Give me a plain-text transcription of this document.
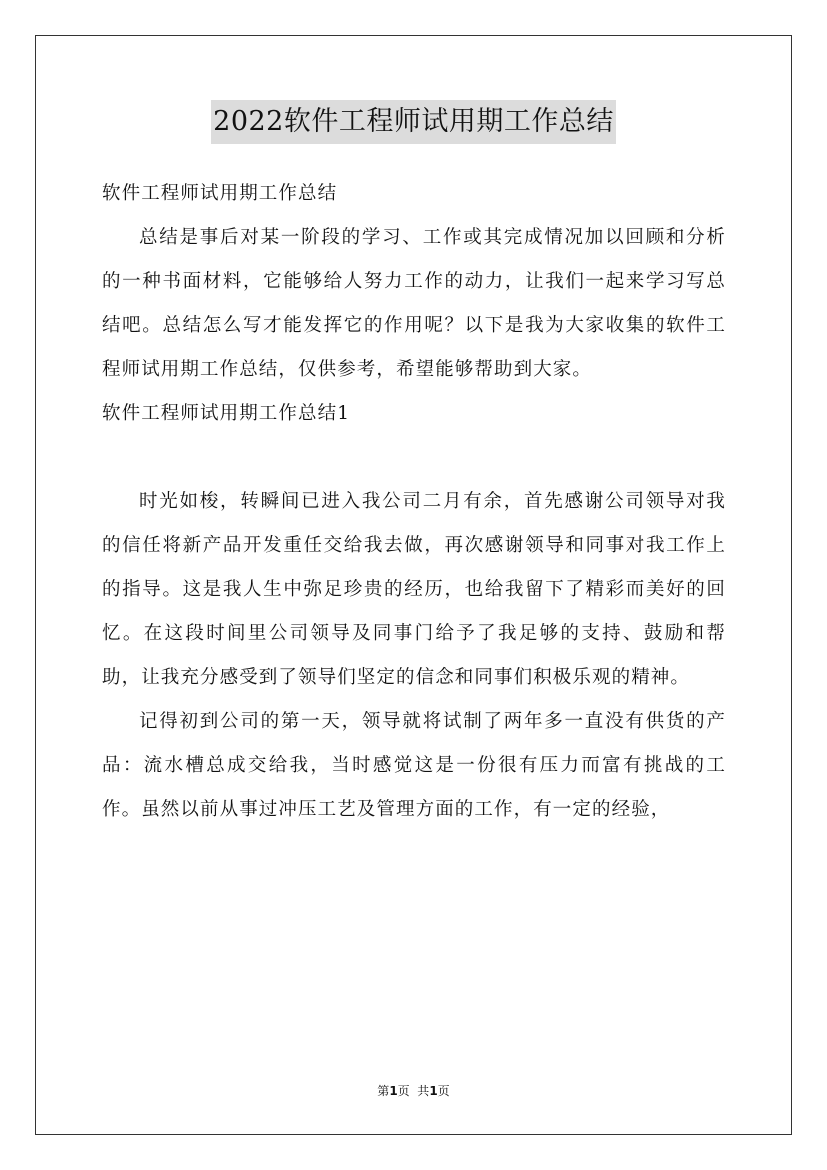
2022软件工程师试用期工作总结

软件工程师试用期工作总结

总结是事后对某一阶段的学习、工作或其完成情况加以回顾和分析的一种书面材料，它能够给人努力工作的动力，让我们一起来学习写总结吧。总结怎么写才能发挥它的作用呢？以下是我为大家收集的软件工程师试用期工作总结，仅供参考，希望能够帮助到大家。

软件工程师试用期工作总结1

时光如梭，转瞬间已进入我公司二月有余，首先感谢公司领导对我的信任将新产品开发重任交给我去做，再次感谢领导和同事对我工作上的指导。这是我人生中弥足珍贵的经历，也给我留下了精彩而美好的回忆。在这段时间里公司领导及同事门给予了我足够的支持、鼓励和帮助，让我充分感受到了领导们坚定的信念和同事们积极乐观的精神。

记得初到公司的第一天，领导就将试制了两年多一直没有供货的产品：流水槽总成交给我，当时感觉这是一份很有压力而富有挑战的工作。虽然以前从事过冲压工艺及管理方面的工作，有一定的经验，

第1页  共1页
